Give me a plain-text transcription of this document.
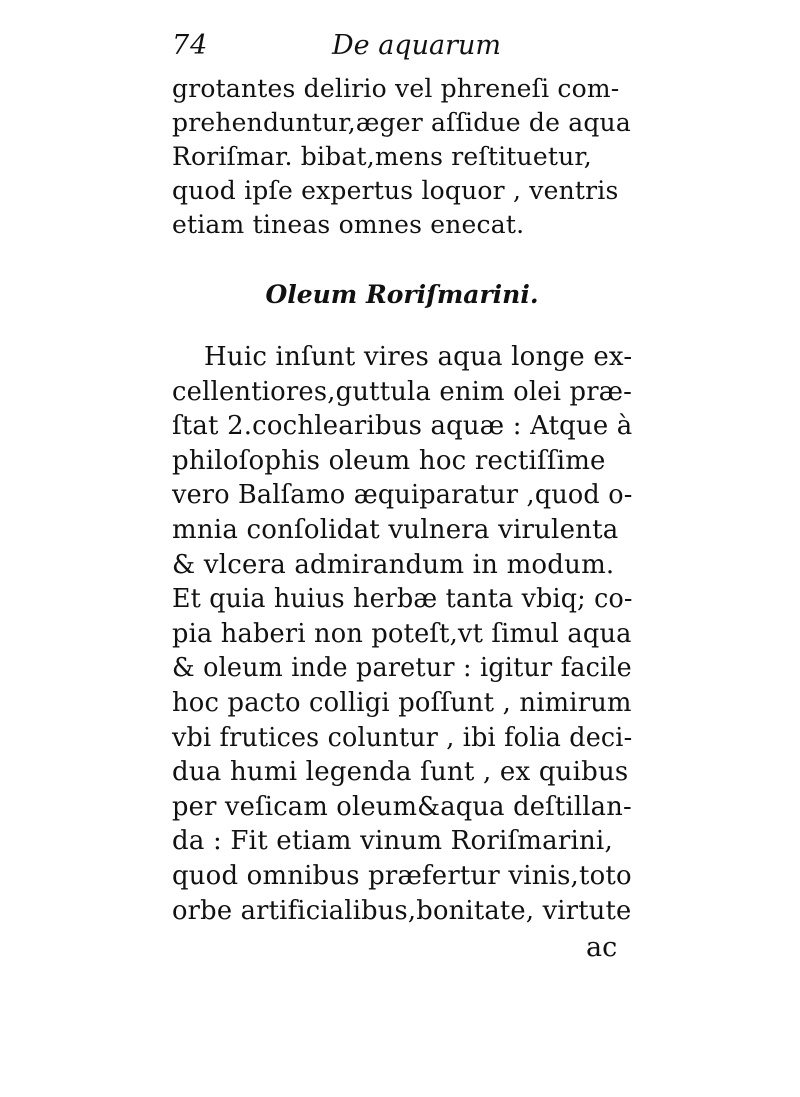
74	De aquarum
grotantes delirio vel phreneſi com-
prehenduntur,æger aſſidue de aqua
Roriſmar. bibat,mens reſtituetur,
quod ipſe expertus loquor , ventris
etiam tineas omnes enecat.
Oleum Roriſmarini.
Huic inſunt vires aqua longe ex-
cellentiores,guttula enim olei præ-
ſtat 2.cochlearibus aquæ : Atque à
philoſophis oleum hoc rectiſſime
vero Balſamo æquiparatur ,quod o-
mnia conſolidat vulnera virulenta
& vlcera admirandum in modum.
Et quia huius herbæ tanta vbiq; co-
pia haberi non poteſt,vt ſimul aqua
& oleum inde paretur : igitur facile
hoc pacto colligi poſſunt , nimirum
vbi frutices coluntur , ibi folia deci-
dua humi legenda ſunt , ex quibus
per veſicam oleum&aqua deſtillan-
da : Fit etiam vinum Roriſmarini,
quod omnibus præfertur vinis,toto
orbe artificialibus,bonitate, virtute
ac
